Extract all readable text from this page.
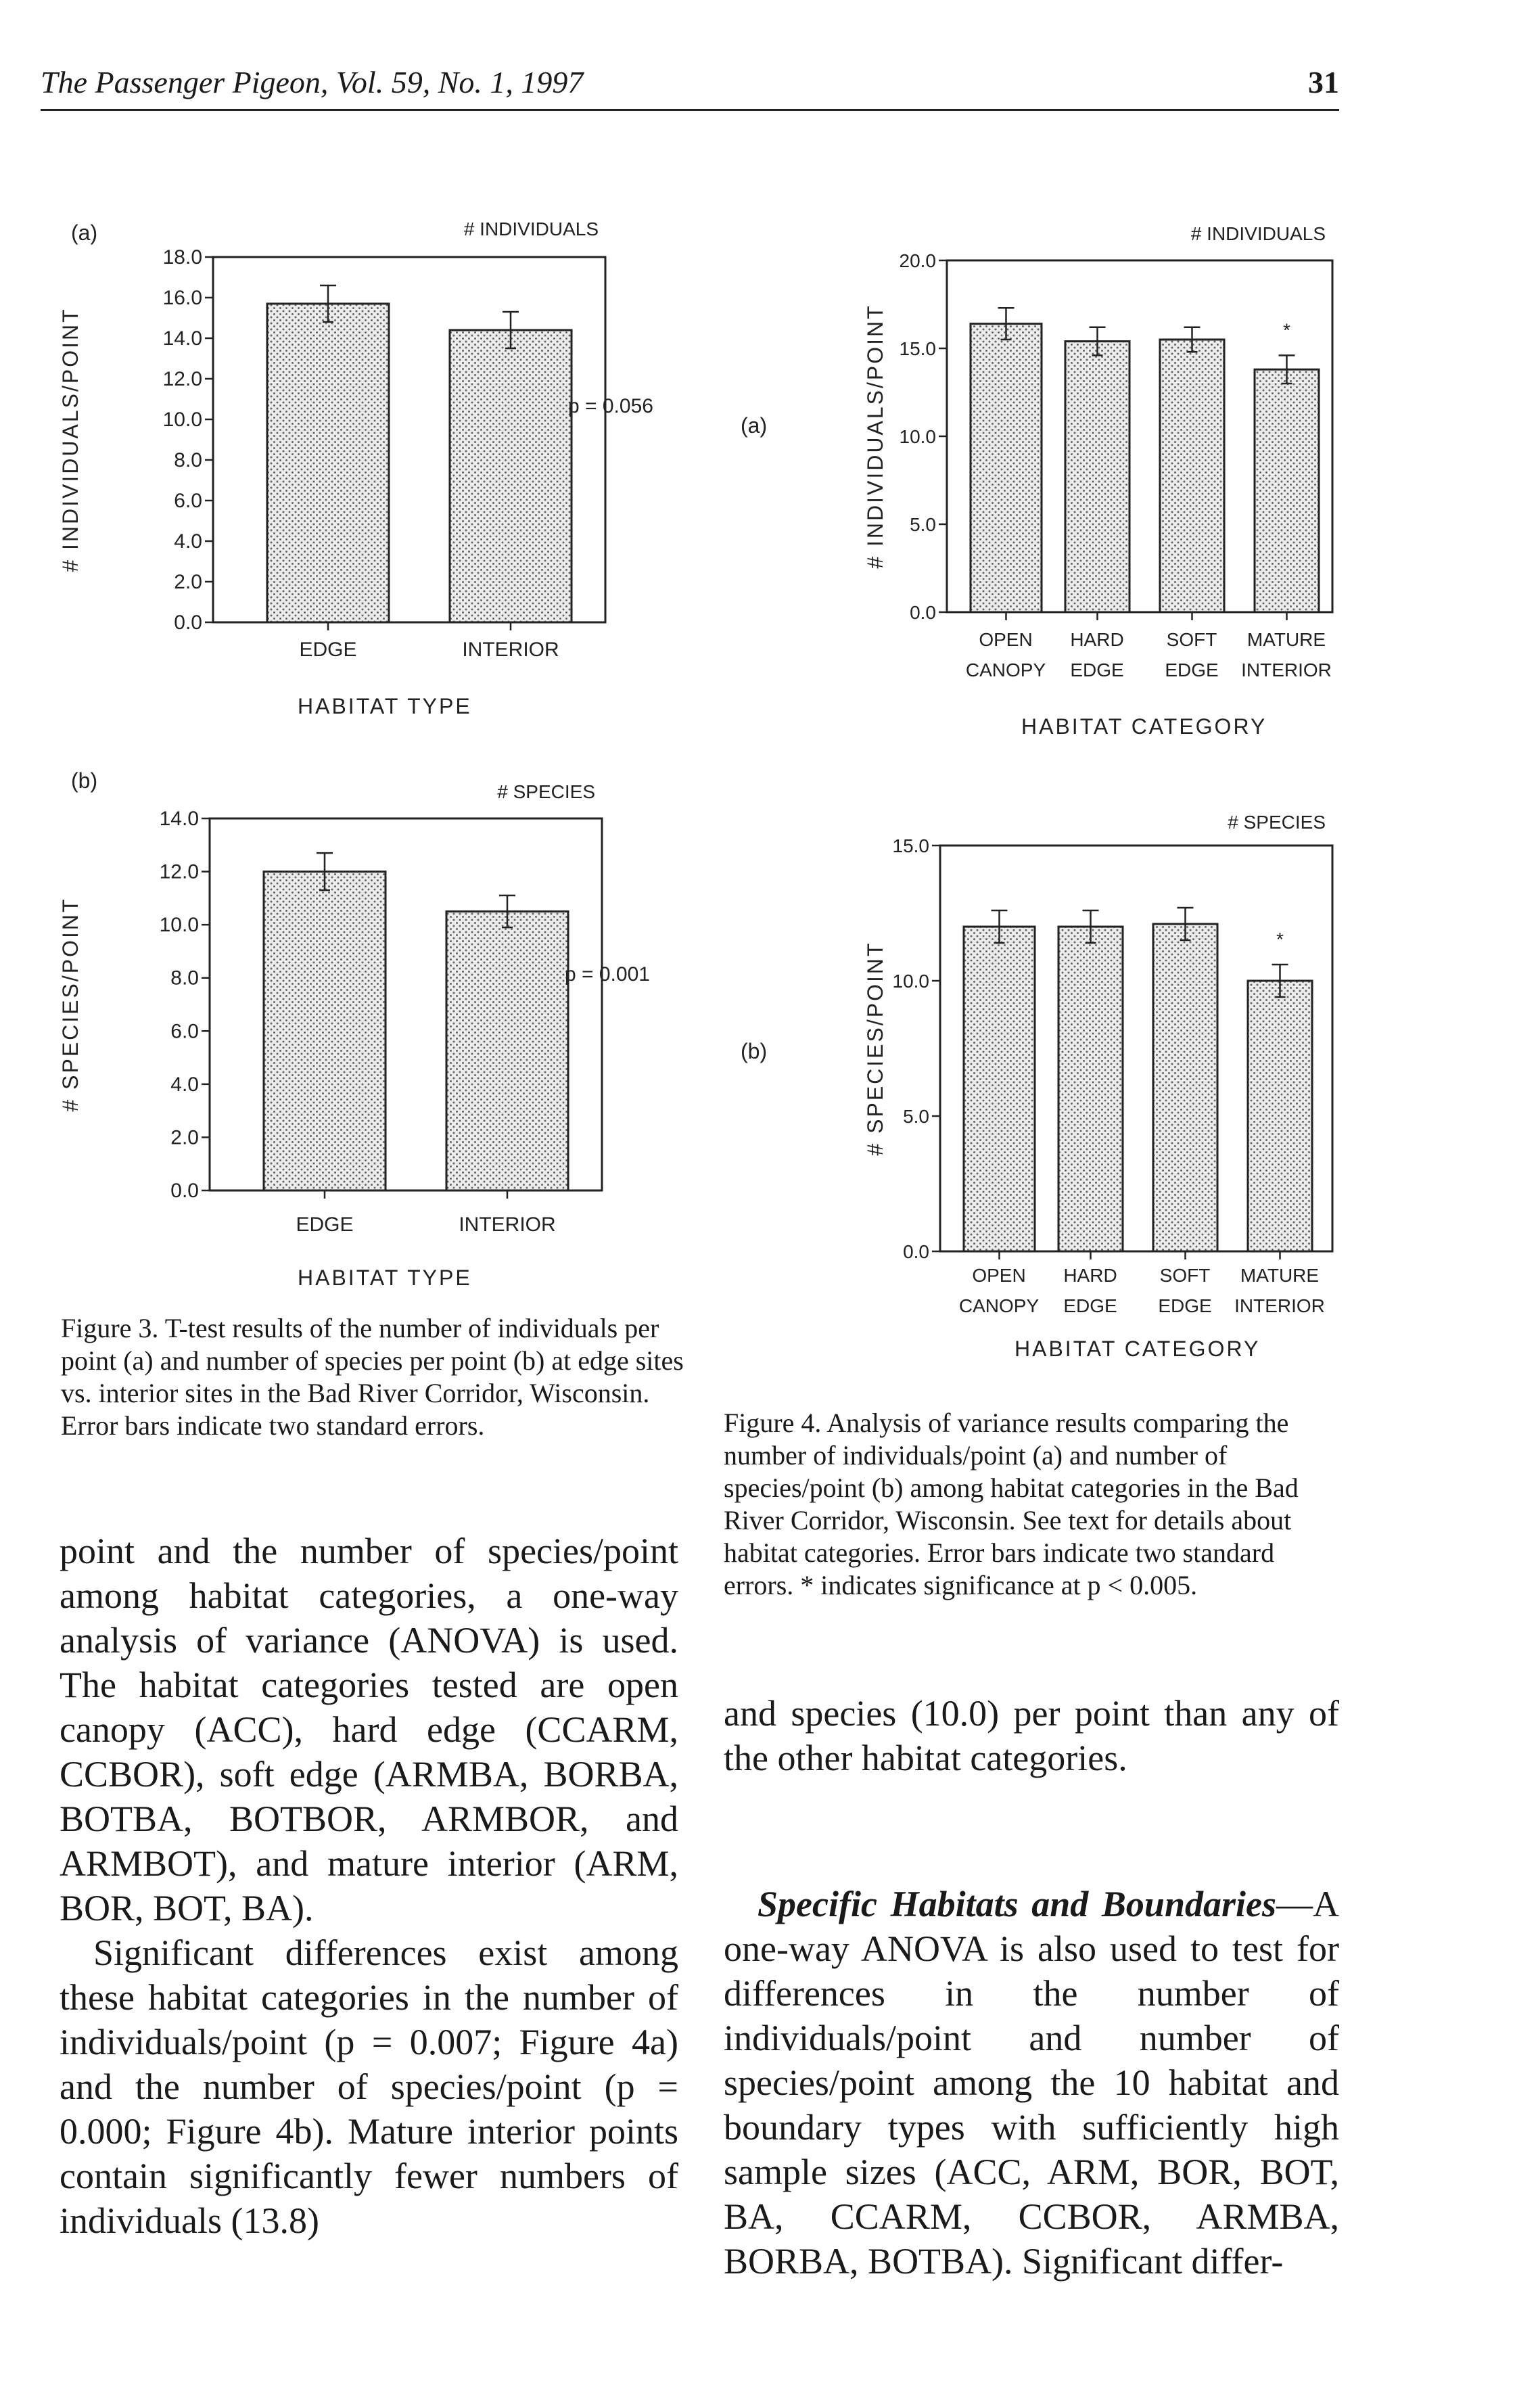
The Passenger Pigeon, Vol. 59, No. 1, 1997	31
0.0
2.0
4.0
6.0
8.0
10.0
12.0
14.0
16.0
18.0
# INDIVIDUALS
# INDIVIDUALS/POINT
(a)
EDGE	INTERIOR
HABITAT TYPE
p = 0.056
0.0
2.0
4.0
6.0
8.0
10.0
12.0
14.0
# SPECIES
# SPECIES/POINT
(b)
EDGE	INTERIOR
HABITAT TYPE
p = 0.001
0.0
5.0
10.0
15.0
20.0
# INDIVIDUALS
# INDIVIDUALS/POINT
(a)
OPEN
CANOPY
HARD
EDGE
SOFT
EDGE
*
MATURE
INTERIOR
HABITAT CATEGORY
0.0
5.0
10.0
15.0
# SPECIES
# SPECIES/POINT
(b)
OPEN
CANOPY
HARD
EDGE
SOFT
EDGE
*
MATURE
INTERIOR
HABITAT CATEGORY

Figure 3. T-test results of the number of individuals per point (a) and number of species per point (b) at edge sites vs. interior sites in the Bad River Corridor, Wisconsin. Error bars indicate two standard errors.	Figure 4. Analysis of variance results comparing the number of individuals/point (a) and number of species/point (b) among habitat categories in the Bad River Corridor, Wisconsin. See text for details about habitat categories. Error bars indicate two standard errors. * indicates significance at p < 0.005.

point and the number of species/point among habitat categories, a one-way analysis of variance (ANOVA) is used. The habitat categories tested are open canopy (ACC), hard edge (CCARM, CCBOR), soft edge (ARMBA, BORBA, BOTBA, BOTBOR, ARMBOR, and ARMBOT), and mature interior (ARM, BOR, BOT, BA).

Significant differences exist among these habitat categories in the number of individuals/point (p = 0.007; Figure 4a) and the number of species/point (p = 0.000; Figure 4b). Mature interior points contain significantly fewer numbers of individuals (13.8)

and species (10.0) per point than any of the other habitat categories.

Specific Habitats and Boundaries—A one-way ANOVA is also used to test for differences in the number of individuals/point and number of species/point among the 10 habitat and boundary types with sufficiently high sample sizes (ACC, ARM, BOR, BOT, BA, CCARM, CCBOR, ARMBA, BORBA, BOTBA). Significant differ-
